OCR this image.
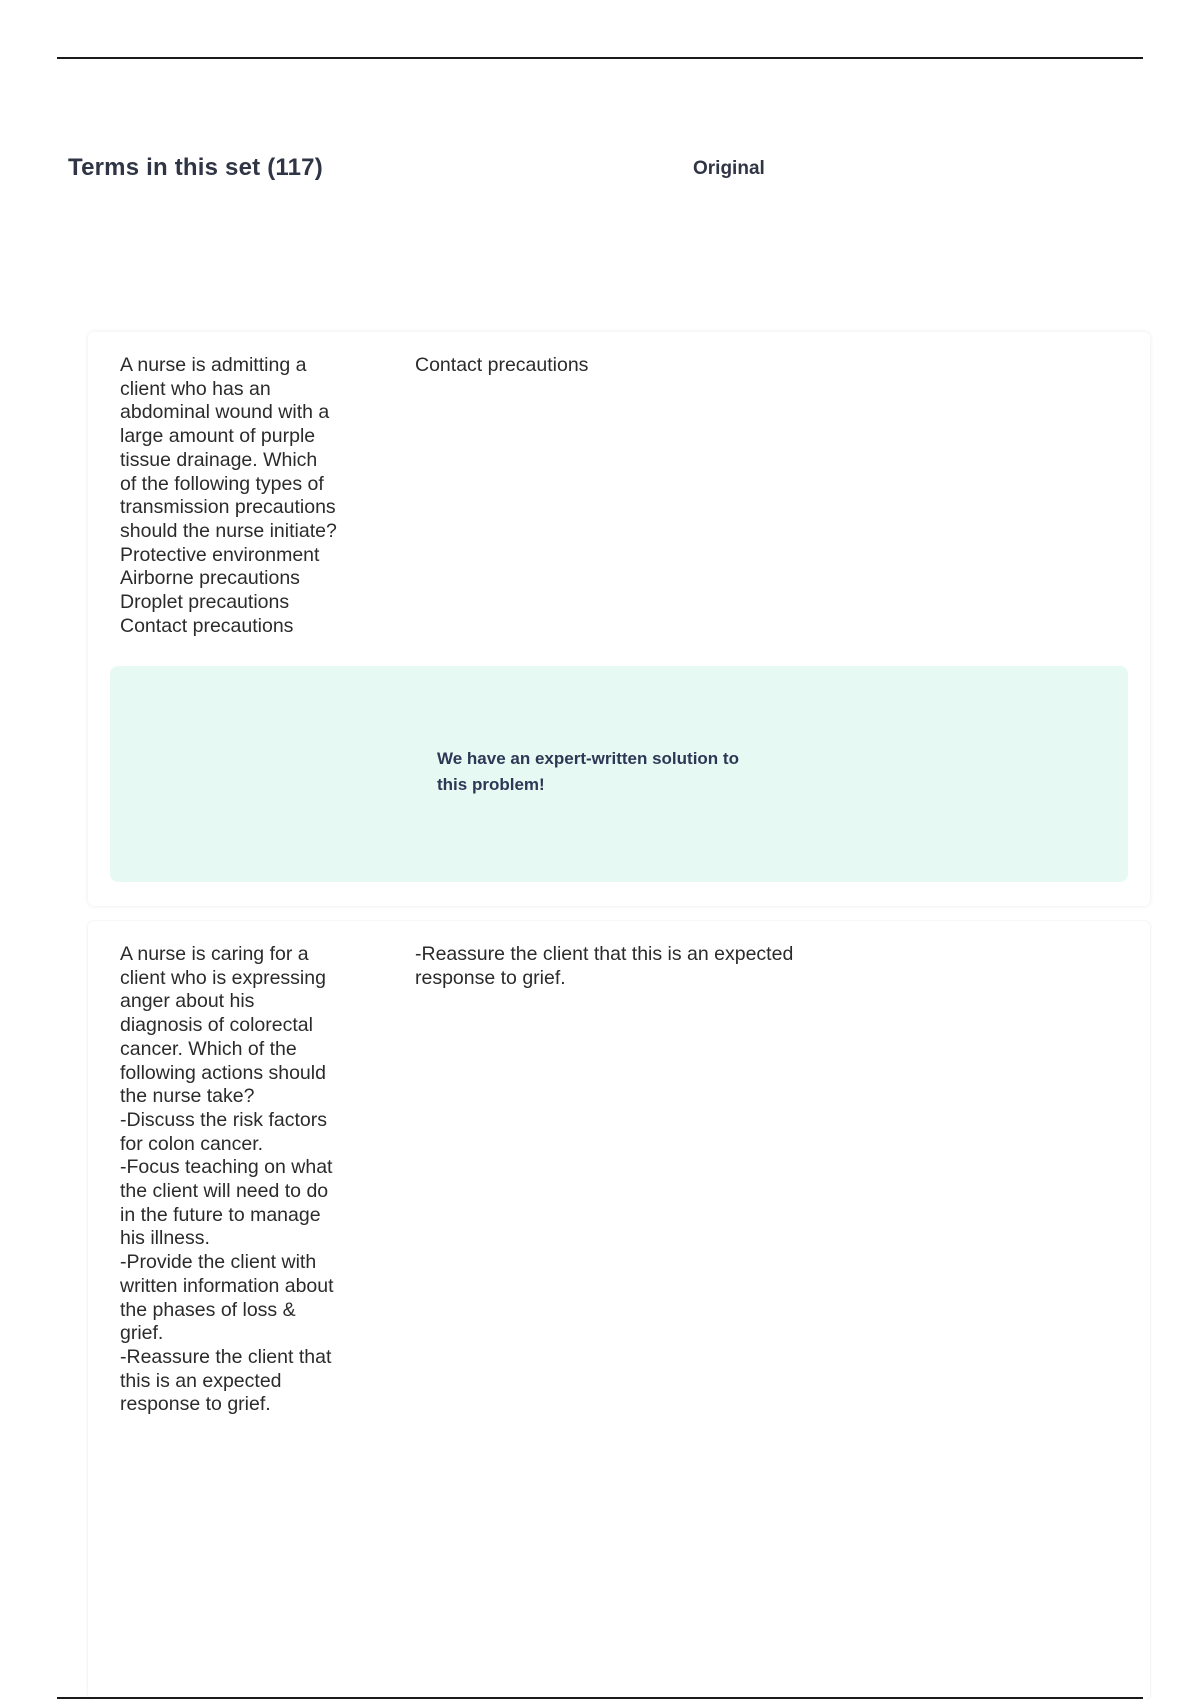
Terms in this set (117)	Original
A nurse is admitting a
client who has an
abdominal wound with a
large amount of purple
tissue drainage. Which
of the following types of
transmission precautions
should the nurse initiate?
Protective environment
Airborne precautions
Droplet precautions
Contact precautions
Contact precautions
We have an expert-written solution to
this problem!
A nurse is caring for a
client who is expressing
anger about his
diagnosis of colorectal
cancer. Which of the
following actions should
the nurse take?
-Discuss the risk factors
for colon cancer.
-Focus teaching on what
the client will need to do
in the future to manage
his illness.
-Provide the client with
written information about
the phases of loss &
grief.
-Reassure the client that
this is an expected
response to grief.
-Reassure the client that this is an expected
response to grief.
